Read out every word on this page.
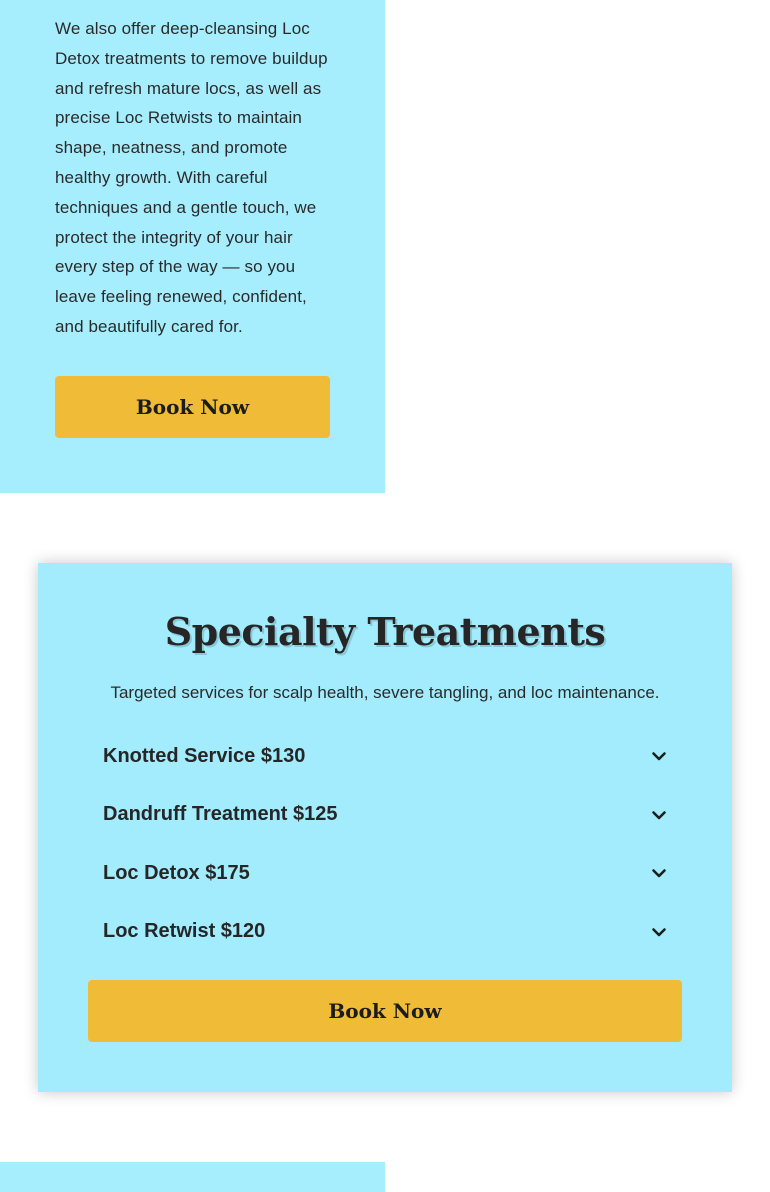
We also offer deep-cleansing Loc Detox treatments to remove buildup and refresh mature locs, as well as precise Loc Retwists to maintain shape, neatness, and promote healthy growth. With careful techniques and a gentle touch, we protect the integrity of your hair every step of the way — so you leave feeling renewed, confident, and beautifully cared for.

Book Now
Specialty Treatments

Targeted services for scalp health, severe tangling, and loc maintenance.

Knotted Service $130
Dandruff Treatment $125
Loc Detox $175
Loc Retwist $120
Book Now
